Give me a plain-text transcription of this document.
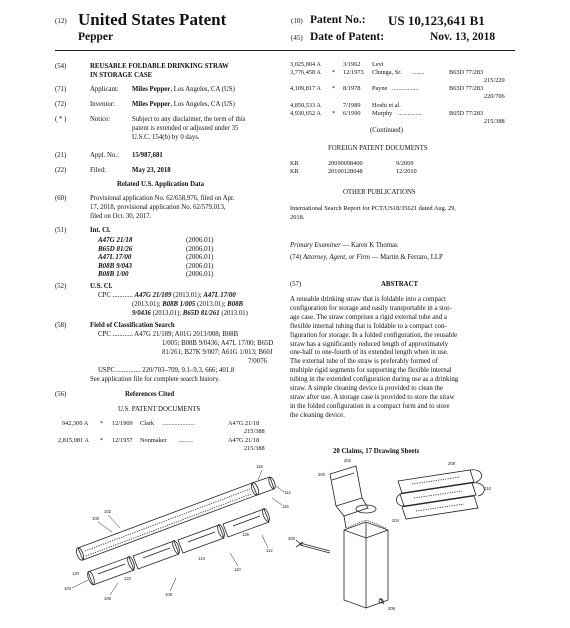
(12) United States Patent
Pepper
(10) Patent No.: US 10,123,641 B1
(45) Date of Patent:	Nov. 13, 2018
(54)	REUSABLE FOLDABLE DRINKING STRAW
IN STORAGE CASE
(71)	Applicant: Miles Pepper, Los Angeles, CA (US)
(72)	Inventor:	Miles Pepper, Los Angeles, CA (US)
( * )	Notice:	Subject to any disclaimer, the term of this
patent is extended or adjusted under 35
U.S.C. 154(b) by 0 days.
(21)	Appl. No.: 15/987,681
(22)	Filed:	May 23, 2018
Related U.S. Application Data
(60)	Provisional application No. 62/658,976, filed on Apr.
17, 2018, provisional application No. 62/579,013,
filed on Oct. 30, 2017.
(51)	Int. Cl.
A47G 21/18	(2006.01)
B65D 81/26	(2006.01)
A47L 17/00	(2006.01)
B08B 9/043	(2006.01)
B08B 1/00	(2006.01)
(52)	U.S. Cl.
CPC ............ A47G 21/189 (2013.01); A47L 17/00
(2013.01); B08B 1/005 (2013.01); B08B
9/0436 (2013.01); B65D 81/261 (2013.01)
(58)	Field of Classification Search
CPC ............ A47G 21/189; A01G 2013/008; B08B
1/005; B08B 9/0436; A47L 17/00; B65D
81/261; B27K 9/007; A61G 1/013; B60J
7/0076
USPC .............. 220/703–709, 9.1–9.3, 666; 401.8
See application file for complete search history.
(56)	References Cited
U.S. PATENT DOCUMENTS
942,300 A * 12/1909 Clark .....................	A47G 21/18
215/388
2,815,081 A * 12/1957 Nonmaker ..........	A47G 21/18
215/388
3,025,004 A	3/1962 Levi
3,776,458 A * 12/1973 Chunga, Sr. ........	B65D 77/283
215/229
4,109,817 A * 8/1978 Payne .................	B65D 77/283
220/706
4,850,533 A	7/1989 Hoshi et al.
4,930,652 A * 6/1990 Murphy ...............	B65D 77/283
215/388
(Continued)
FOREIGN PATENT DOCUMENTS
KR	20090098400	9/2009
KR	20100128048	12/2010
OTHER PUBLICATIONS
International Search Report for PCT/US18/35621 dated Aug. 29,
2018.
Primary Examiner — Karen K Thomas
(74) Attorney, Agent, or Firm — Martin & Ferraro, LLP
(57)	ABSTRACT
A reusable drinking straw that is foldable into a compact
configuration for storage and easily transportable in a stor-
age case. The straw comprises a rigid external tube and a
flexible internal tubing that is foldable to a compact con-
figuration for storage. In a folded configuration, the reusable
straw has a significantly reduced length of approximately
one-half to one-fourth of its extended length when in use.
The external tube of the straw is preferably formed of
multiple rigid segments for supporting the flexible internal
tubing in the extended configuration during use as a drinking
straw. A simple cleaning device is provided to clean the
straw after use. A storage case is provided to store the straw
in the folded configuration in a compact form and to store
the cleaning device.
20 Claims, 17 Drawing Sheets
100
102
104
106
108
110
112
114
116
118
120
122
124
126
200
202
204
206
208
210
300
